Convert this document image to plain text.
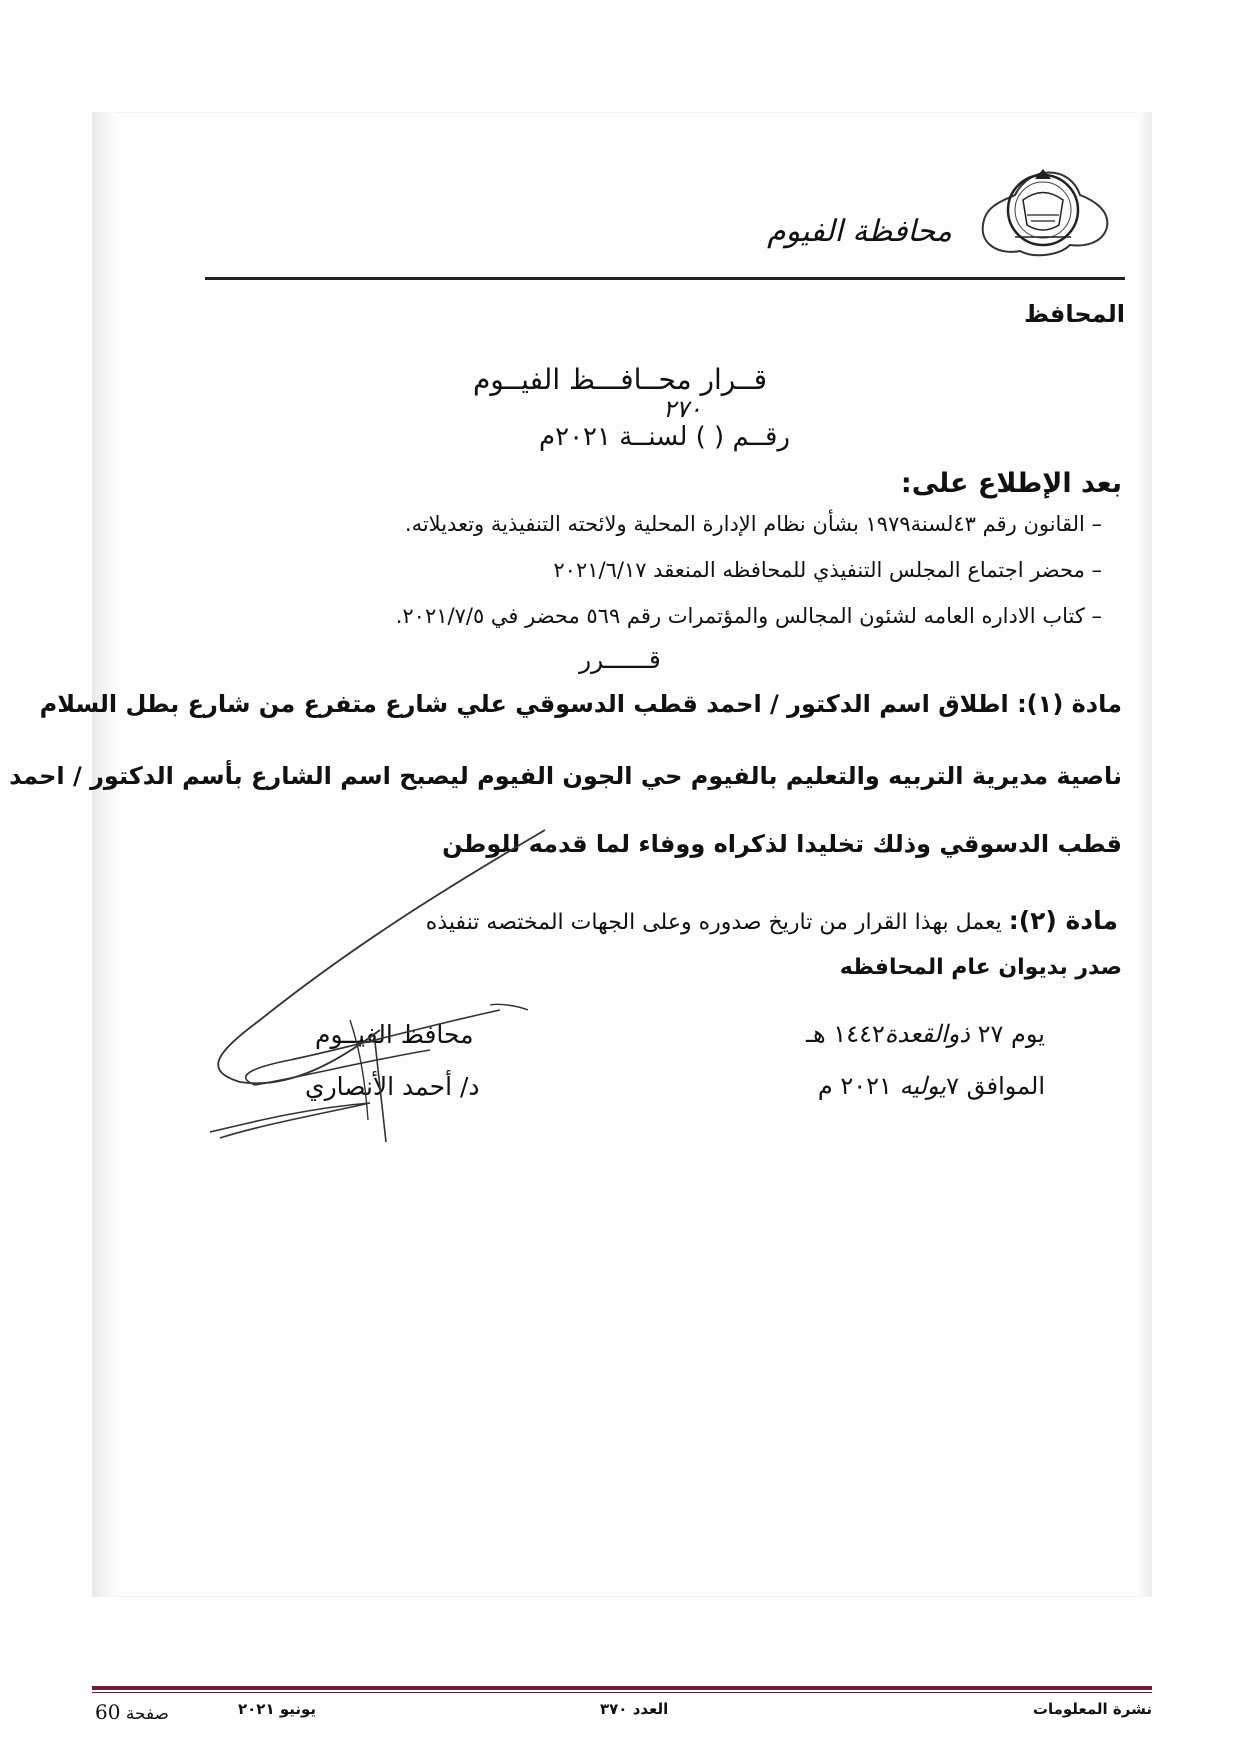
محافظة الفيوم
المحافظ
قــرار محــافـــظ الفيــوم
٢٧٠
رقــم ( ) لسنــة ٢٠٢١م
بعد الإطلاع على:
– القانون رقم ٤٣لسنة١٩٧٩ بشأن نظام الإدارة المحلية ولائحته التنفيذية وتعديلاته.
– محضر اجتماع المجلس التنفيذي للمحافظه المنعقد ٢٠٢١/٦/١٧
– كتاب الاداره العامه لشئون المجالس والمؤتمرات رقم ٥٦٩ محضر في ٢٠٢١/٧/٥.
قــــــرر
مادة (١): اطلاق اسم الدكتور / احمد قطب الدسوقي علي شارع متفرع من شارع بطل السلام
ناصية مديرية التربيه والتعليم بالفيوم حي الجون الفيوم ليصبح اسم الشارع بأسم الدكتور / احمد
قطب الدسوقي وذلك تخليدا لذكراه ووفاء لما قدمه للوطن
مادة (٢): يعمل بهذا القرار من تاريخ صدوره وعلى الجهات المختصه تنفيذه
صدر بديوان عام المحافظه
يوم ٢٧ ذوالقعدة١٤٤٢ هـ
الموافق ٧يوليه ٢٠٢١ م
محافظ الفيــوم
د/ أحمد الأنصاري
نشرة المعلومات
العدد ٣٧٠
يونيو ٢٠٢١
صفحة 60
